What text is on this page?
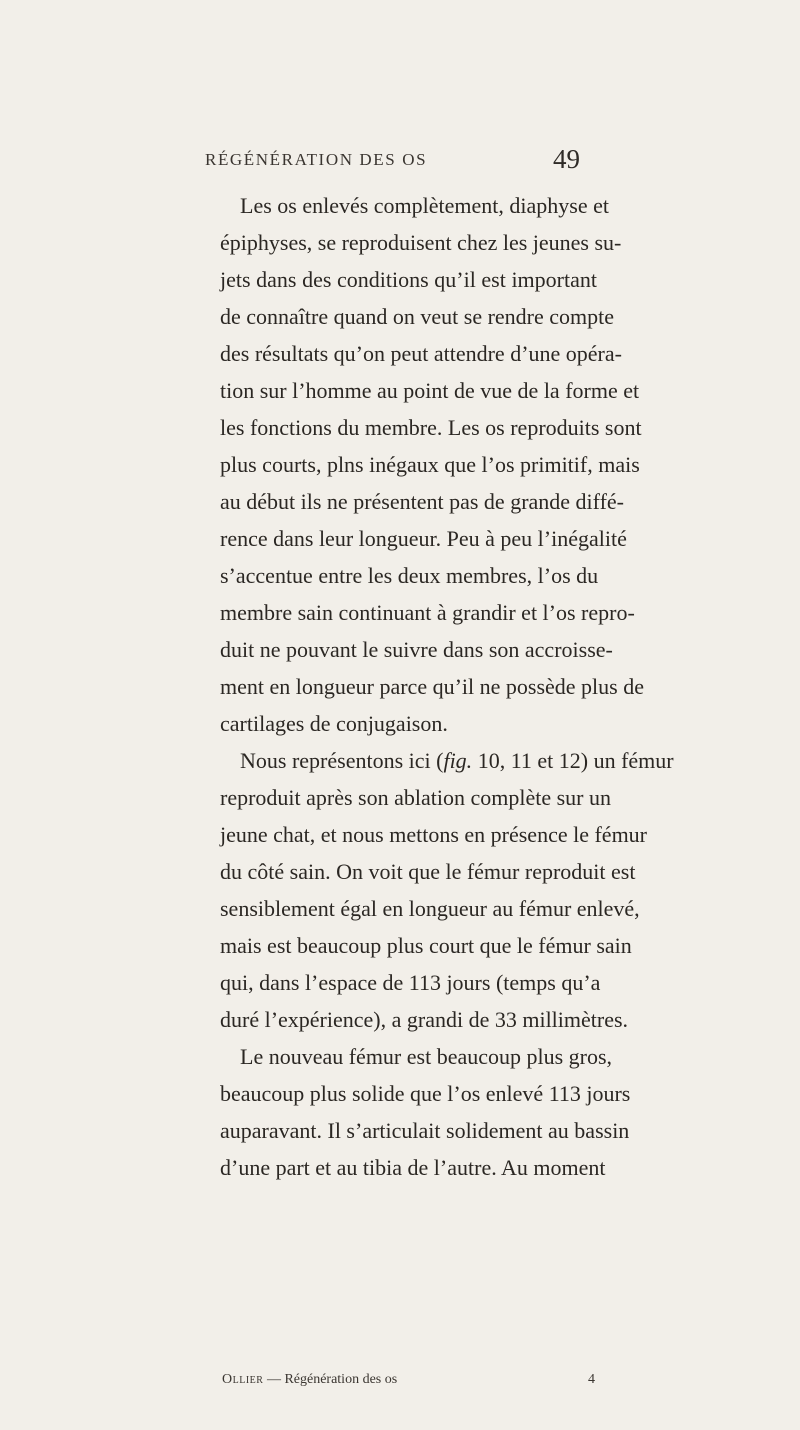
RÉGÉNÉRATION DES OS	49
Les os enlevés complètement, diaphyse et
épiphyses, se reproduisent chez les jeunes su-
jets dans des conditions qu’il est important
de connaître quand on veut se rendre compte
des résultats qu’on peut attendre d’une opéra-
tion sur l’homme au point de vue de la forme et
les fonctions du membre. Les os reproduits sont
plus courts, plns inégaux que l’os primitif, mais
au début ils ne présentent pas de grande diffé-
rence dans leur longueur. Peu à peu l’inégalité
s’accentue entre les deux membres, l’os du
membre sain continuant à grandir et l’os repro-
duit ne pouvant le suivre dans son accroisse-
ment en longueur parce qu’il ne possède plus de
cartilages de conjugaison.
Nous représentons ici (fig. 10, 11 et 12) un fémur
reproduit après son ablation complète sur un
jeune chat, et nous mettons en présence le fémur
du côté sain. On voit que le fémur reproduit est
sensiblement égal en longueur au fémur enlevé,
mais est beaucoup plus court que le fémur sain
qui, dans l’espace de 113 jours (temps qu’a
duré l’expérience), a grandi de 33 millimètres.
Le nouveau fémur est beaucoup plus gros,
beaucoup plus solide que l’os enlevé 113 jours
auparavant. Il s’articulait solidement au bassin
d’une part et au tibia de l’autre. Au moment
Ollier — Régénération des os	4
